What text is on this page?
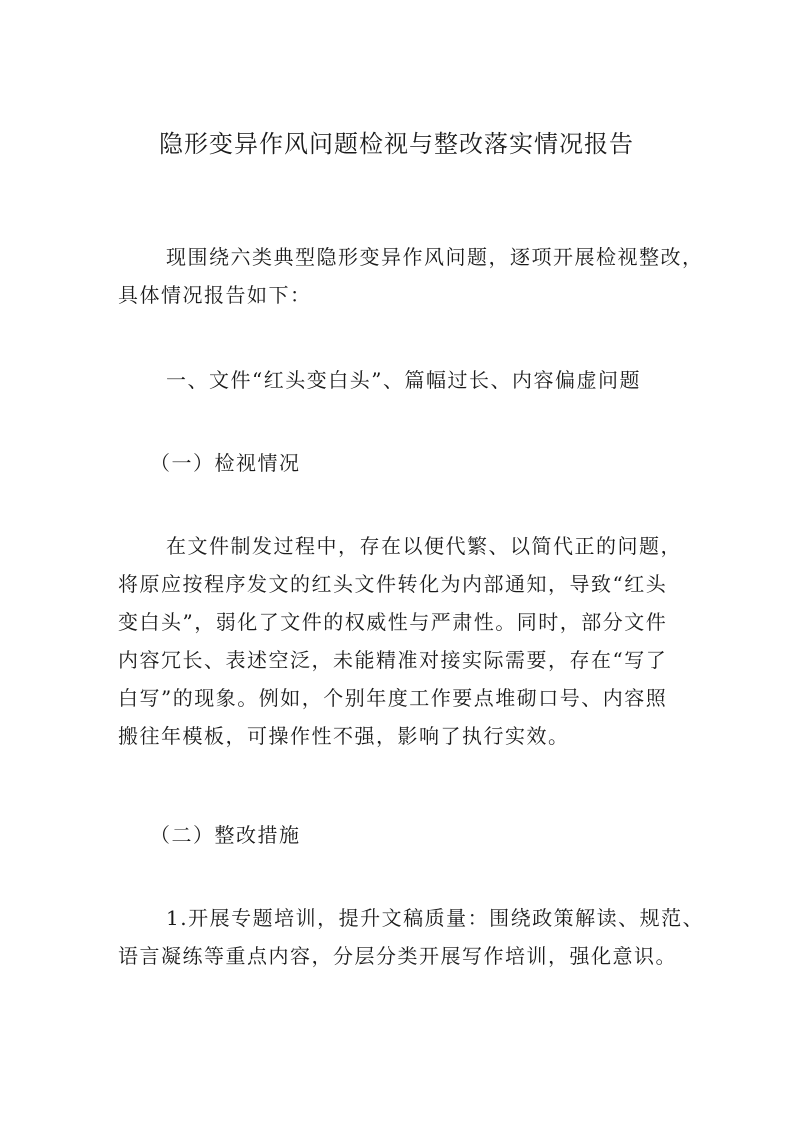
隐形变异作风问题检视与整改落实情况报告

现围绕六类典型隐形变异作风问题，逐项开展检视整改，
具体情况报告如下：

一、文件“红头变白头”、篇幅过长、内容偏虚问题

（一）检视情况

在文件制发过程中，存在以便代繁、以简代正的问题，
将原应按程序发文的红头文件转化为内部通知，导致“红头
变白头”，弱化了文件的权威性与严肃性。同时，部分文件
内容冗长、表述空泛，未能精准对接实际需要，存在“写了
白写”的现象。例如，个别年度工作要点堆砌口号、内容照
搬往年模板，可操作性不强，影响了执行实效。

（二）整改措施

1.开展专题培训，提升文稿质量：围绕政策解读、规范、
语言凝练等重点内容，分层分类开展写作培训，强化意识。
